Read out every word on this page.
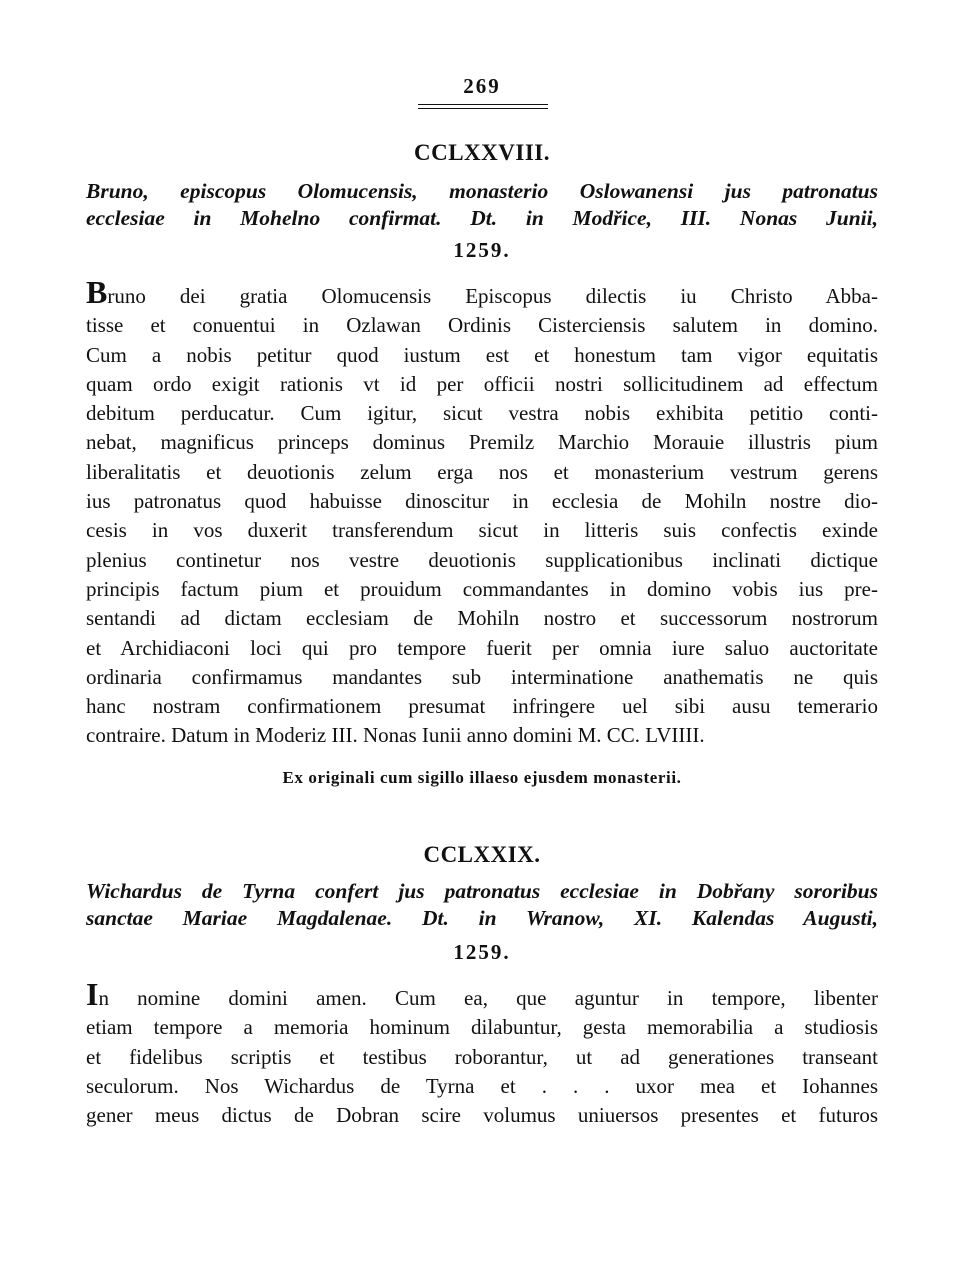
269
CCLXXVIII.
Bruno, episcopus Olomucensis, monasterio Oslowanensi jus patronatus
ecclesiae in Mohelno confirmat. Dt. in Modřice, III. Nonas Junii,
1259.
Bruno dei gratia Olomucensis Episcopus dilectis iu Christo Abba-
tisse et conuentui in Ozlawan Ordinis Cisterciensis salutem in domino.
Cum a nobis petitur quod iustum est et honestum tam vigor equitatis
quam ordo exigit rationis vt id per officii nostri sollicitudinem ad effectum
debitum perducatur. Cum igitur, sicut vestra nobis exhibita petitio conti-
nebat, magnificus princeps dominus Premilz Marchio Morauie illustris pium
liberalitatis et deuotionis zelum erga nos et monasterium vestrum gerens
ius patronatus quod habuisse dinoscitur in ecclesia de Mohiln nostre dio-
cesis in vos duxerit transferendum sicut in litteris suis confectis exinde
plenius continetur nos vestre deuotionis supplicationibus inclinati dictique
principis factum pium et prouidum commandantes in domino vobis ius pre-
sentandi ad dictam ecclesiam de Mohiln nostro et successorum nostrorum
et Archidiaconi loci qui pro tempore fuerit per omnia iure saluo auctoritate
ordinaria confirmamus mandantes sub interminatione anathematis ne quis
hanc nostram confirmationem presumat infringere uel sibi ausu temerario
contraire. Datum in Moderiz III. Nonas Iunii anno domini M. CC. LVIIII.
Ex originali cum sigillo illaeso ejusdem monasterii.
CCLXXIX.
Wichardus de Tyrna confert jus patronatus ecclesiae in Dobřany sororibus
sanctae Mariae Magdalenae. Dt. in Wranow, XI. Kalendas Augusti,
1259.
In nomine domini amen. Cum ea, que aguntur in tempore, libenter
etiam tempore a memoria hominum dilabuntur, gesta memorabilia a studiosis
et fidelibus scriptis et testibus roborantur, ut ad generationes transeant
seculorum. Nos Wichardus de Tyrna et . . . uxor mea et Iohannes
gener meus dictus de Dobran scire volumus uniuersos presentes et futuros
